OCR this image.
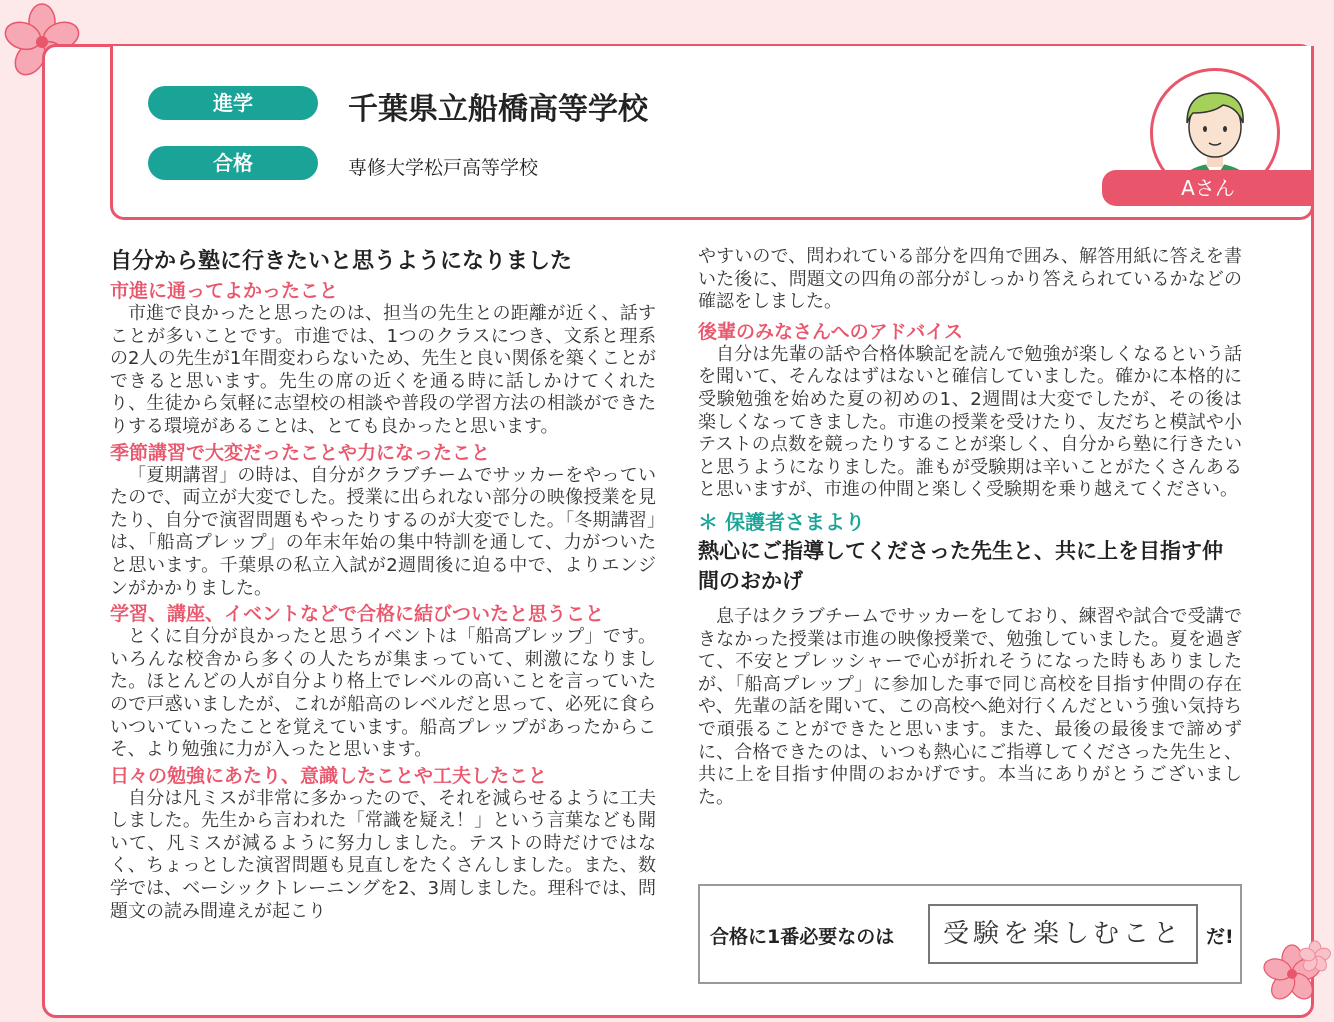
進学	千葉県立船橋高等学校
合格	専修大学松戸高等学校
Aさん
自分から塾に行きたいと思うようになりました
市進に通ってよかったこと

市進で良かったと思ったのは、担当の先生との距離が近く、話すことが多いことです。市進では、1つのクラスにつき、文系と理系の2人の先生が1年間変わらないため、先生と良い関係を築くことができると思います。先生の席の近くを通る時に話しかけてくれたり、生徒から気軽に志望校の相談や普段の学習方法の相談ができたりする環境があることは、とても良かったと思います。

季節講習で大変だったことや力になったこと

「夏期講習」の時は、自分がクラブチームでサッカーをやっていたので、両立が大変でした。授業に出られない部分の映像授業を見たり、自分で演習問題もやったりするのが大変でした。「冬期講習」は、「船高プレップ」の年末年始の集中特訓を通して、力がついたと思います。千葉県の私立入試が2週間後に迫る中で、よりエンジンがかかりました。

学習、講座、イベントなどで合格に結びついたと思うこと

とくに自分が良かったと思うイベントは「船高プレップ」です。いろんな校舎から多くの人たちが集まっていて、刺激になりました。ほとんどの人が自分より格上でレベルの高いことを言っていたので戸惑いましたが、これが船高のレベルだと思って、必死に食らいついていったことを覚えています。船高プレップがあったからこそ、より勉強に力が入ったと思います。

日々の勉強にあたり、意識したことや工夫したこと

自分は凡ミスが非常に多かったので、それを減らせるように工夫しました。先生から言われた「常識を疑え！」という言葉なども聞いて、凡ミスが減るように努力しました。テストの時だけではなく、ちょっとした演習問題も見直しをたくさんしました。また、数学では、ベーシックトレーニングを2、3周しました。理科では、問題文の読み間違えが起こり

やすいので、問われている部分を四角で囲み、解答用紙に答えを書いた後に、問題文の四角の部分がしっかり答えられているかなどの確認をしました。

後輩のみなさんへのアドバイス

自分は先輩の話や合格体験記を読んで勉強が楽しくなるという話を聞いて、そんなはずはないと確信していました。確かに本格的に受験勉強を始めた夏の初めの1、2週間は大変でしたが、その後は楽しくなってきました。市進の授業を受けたり、友だちと模試や小テストの点数を競ったりすることが楽しく、自分から塾に行きたいと思うようになりました。誰もが受験期は辛いことがたくさんあると思いますが、市進の仲間と楽しく受験期を乗り越えてください。

＊ 保護者さまより
熱心にご指導してくださった先生と、共に上を目指す仲間のおかげ

息子はクラブチームでサッカーをしており、練習や試合で受講できなかった授業は市進の映像授業で、勉強していました。夏を過ぎて、不安とプレッシャーで心が折れそうになった時もありましたが、「船高プレップ」に参加した事で同じ高校を目指す仲間の存在や、先輩の話を聞いて、この高校へ絶対行くんだという強い気持ちで頑張ることができたと思います。また、最後の最後まで諦めずに、合格できたのは、いつも熱心にご指導してくださった先生と、共に上を目指す仲間のおかげです。本当にありがとうございました。

合格に1番必要なのは	受験を楽しむこと	だ!
